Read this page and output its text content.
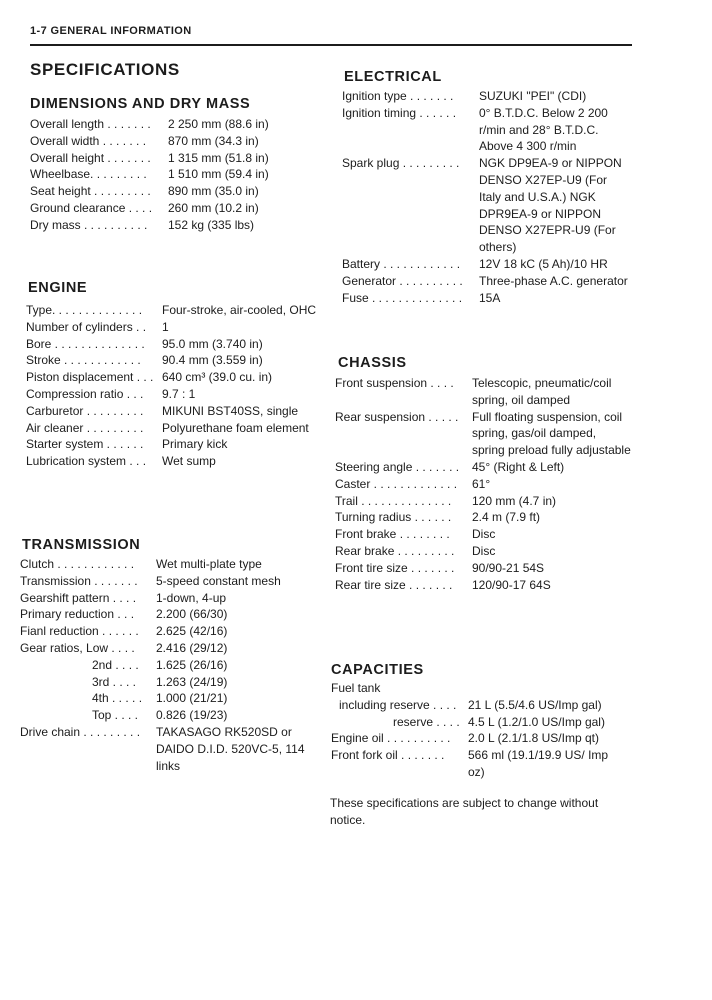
1-7 GENERAL INFORMATION
SPECIFICATIONS
DIMENSIONS AND DRY MASS
Overall length . . . . . . .	2 250 mm (88.6 in)
Overall width . . . . . . .	870 mm (34.3 in)
Overall height . . . . . . .	1 315 mm (51.8 in)
Wheelbase. . . . . . . . .	1 510 mm (59.4 in)
Seat height . . . . . . . . .	890 mm (35.0 in)
Ground clearance . . . .	260 mm (10.2 in)
Dry mass . . . . . . . . . .	152 kg (335 lbs)
ENGINE
Type. . . . . . . . . . . . . .	Four-stroke, air-cooled, OHC
Number of cylinders . .	1
Bore . . . . . . . . . . . . . .	95.0 mm (3.740 in)
Stroke . . . . . . . . . . . .	90.4 mm (3.559 in)
Piston displacement . . . 640 cm³ (39.0 cu. in)
Compression ratio . . .	9.7 : 1
Carburetor . . . . . . . . .	MIKUNI BST40SS, single
Air cleaner . . . . . . . . .	Polyurethane foam element
Starter system . . . . . .	Primary kick
Lubrication system . . .	Wet sump
TRANSMISSION
Clutch . . . . . . . . . . . .	Wet multi-plate type
Transmission . . . . . . .	5-speed constant mesh
Gearshift pattern . . . .	1-down, 4-up
Primary reduction . . .	2.200 (66/30)
Fianl reduction . . . . . .	2.625 (42/16)
Gear ratios, Low . . . .	2.416 (29/12)
2nd . . . .	1.625 (26/16)
3rd . . . .	1.263 (24/19)
4th . . . . .	1.000 (21/21)
Top . . . .	0.826 (19/23)
Drive chain . . . . . . . . .	TAKASAGO RK520SD or DAIDO D.I.D. 520VC-5, 114 links
ELECTRICAL
Ignition type . . . . . . .	SUZUKI "PEI" (CDI)
Ignition timing . . . . . .	0° B.T.D.C. Below 2 200 r/min and 28° B.T.D.C. Above 4 300 r/min
Spark plug . . . . . . . . .	NGK DP9EA-9 or NIPPON DENSO X27EP-U9 (For Italy and U.S.A.) NGK DPR9EA-9 or NIPPON DENSO X27EPR-U9 (For others)
Battery . . . . . . . . . . . .	12V 18 kC (5 Ah)/10 HR
Generator . . . . . . . . . .	Three-phase A.C. generator
Fuse . . . . . . . . . . . . . .	15A
CHASSIS
Front suspension . . . .	Telescopic, pneumatic/coil spring, oil damped
Rear suspension . . . . .	Full floating suspension, coil spring, gas/oil damped, spring preload fully adjustable
Steering angle . . . . . . .	45° (Right & Left)
Caster . . . . . . . . . . . . .	61°
Trail . . . . . . . . . . . . . .	120 mm (4.7 in)
Turning radius . . . . . .	2.4 m (7.9 ft)
Front brake . . . . . . . .	Disc
Rear brake . . . . . . . . .	Disc
Front tire size . . . . . . .	90/90-21 54S
Rear tire size . . . . . . .	120/90-17 64S
CAPACITIES
Fuel tank
including reserve . . . . 21 L (5.5/4.6 US/Imp gal)
reserve . . . . 4.5 L (1.2/1.0 US/Imp gal)
Engine oil . . . . . . . . . .	2.0 L (2.1/1.8 US/Imp qt)
Front fork oil . . . . . . .	566 ml (19.1/19.9 US/ Imp oz)
These specifications are subject to change without notice.
